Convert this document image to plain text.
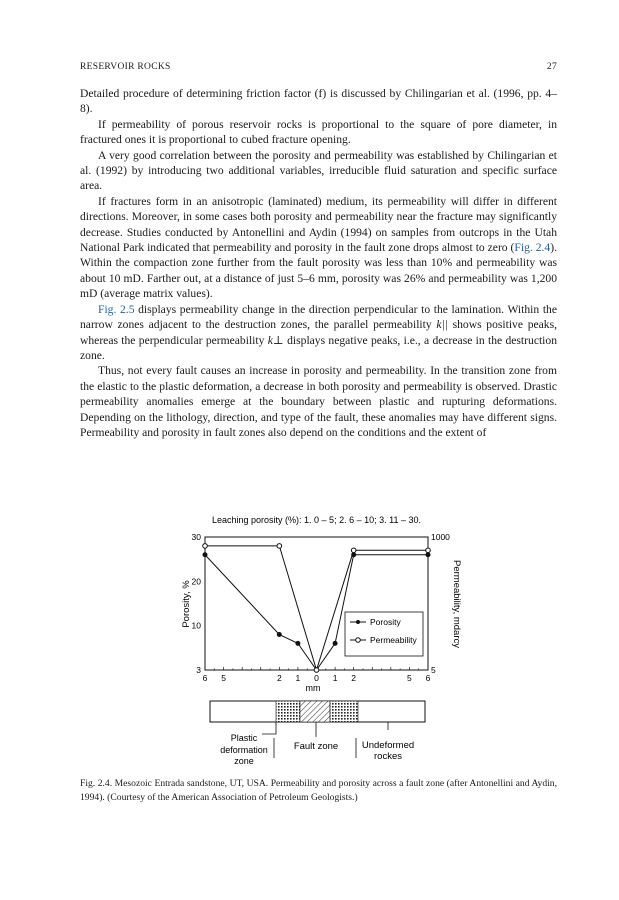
RESERVOIR ROCKS	27

Detailed procedure of determining friction factor (f) is discussed by Chilingarian et al. (1996, pp. 4–8).

If permeability of porous reservoir rocks is proportional to the square of pore diameter, in fractured ones it is proportional to cubed fracture opening.

A very good correlation between the porosity and permeability was established by Chilingarian et al. (1992) by introducing two additional variables, irreducible fluid saturation and specific surface area.

If fractures form in an anisotropic (laminated) medium, its permeability will differ in different directions. Moreover, in some cases both porosity and permeability near the fracture may significantly decrease. Studies conducted by Antonellini and Aydin (1994) on samples from outcrops in the Utah National Park indicated that permeability and porosity in the fault zone drops almost to zero (Fig. 2.4). Within the compaction zone further from the fault porosity was less than 10% and permeability was about 10 mD. Farther out, at a distance of just 5–6 mm, porosity was 26% and permeability was 1,200 mD (average matrix values).

Fig. 2.5 displays permeability change in the direction perpendicular to the lamination. Within the narrow zones adjacent to the destruction zones, the parallel permeability k|| shows positive peaks, whereas the perpendicular permeability k⊥ displays negative peaks, i.e., a decrease in the destruction zone.

Thus, not every fault causes an increase in porosity and permeability. In the transition zone from the elastic to the plastic deformation, a decrease in both porosity and permeability is observed. Drastic permeability anomalies emerge at the boundary between plastic and rupturing deformations. Depending on the lithology, direction, and type of the fault, these anomalies may have different signs. Permeability and porosity in fault zones also depend on the conditions and the extent of

Leaching porosity (%): 1. 0 – 5; 2. 6 – 10; 3. 11 – 30.
6 5	2 1 0 1 2	5 6
30
20
10
3
1000
5
mm
Porosity, %	Permeability, mdarcy
Porosity
Permeability
Plastic
deformation
zone
Fault zone Undeformed
rockes
Fig. 2.4. Mesozoic Entrada sandstone, UT, USA. Permeability and porosity across a fault zone (after Antonellini and Aydin, 1994). (Courtesy of the American Association of Petroleum Geologists.)
